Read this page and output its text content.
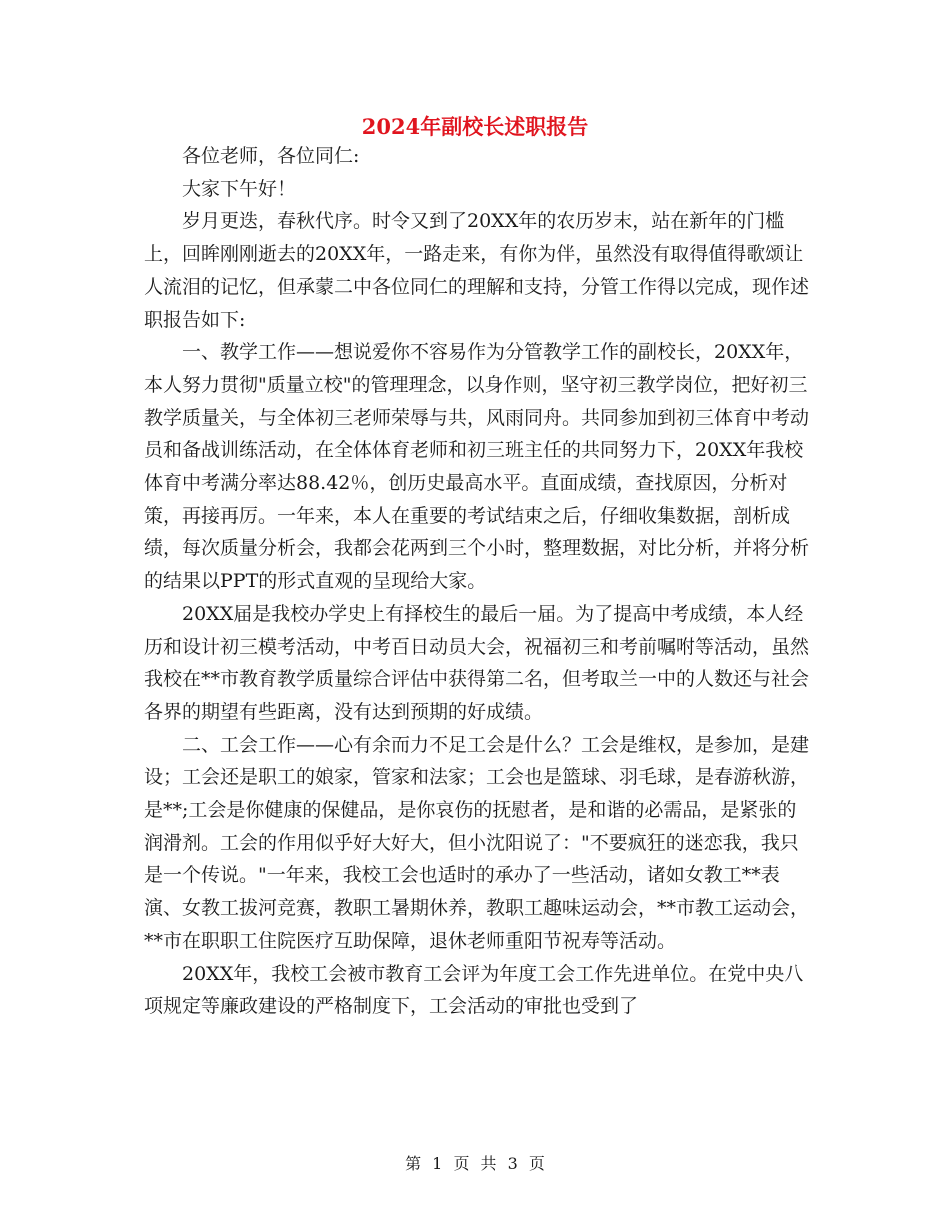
2024年副校长述职报告

各位老师，各位同仁:

大家下午好！

岁月更迭，春秋代序。时令又到了20XX年的农历岁末，站在新年的门槛上，回眸刚刚逝去的20XX年，一路走来，有你为伴，虽然没有取得值得歌颂让人流泪的记忆，但承蒙二中各位同仁的理解和支持，分管工作得以完成，现作述职报告如下:

一、教学工作——想说爱你不容易作为分管教学工作的副校长，20XX年，本人努力贯彻"质量立校"的管理理念，以身作则，坚守初三教学岗位，把好初三教学质量关，与全体初三老师荣辱与共，风雨同舟。共同参加到初三体育中考动员和备战训练活动，在全体体育老师和初三班主任的共同努力下，20XX年我校体育中考满分率达88.42％，创历史最高水平。直面成绩，查找原因，分析对策，再接再厉。一年来，本人在重要的考试结束之后，仔细收集数据，剖析成绩，每次质量分析会，我都会花两到三个小时，整理数据，对比分析，并将分析的结果以PPT的形式直观的呈现给大家。

20XX届是我校办学史上有择校生的最后一届。为了提高中考成绩，本人经历和设计初三模考活动，中考百日动员大会，祝福初三和考前嘱咐等活动，虽然我校在**市教育教学质量综合评估中获得第二名，但考取兰一中的人数还与社会各界的期望有些距离，没有达到预期的好成绩。

二、工会工作——心有余而力不足工会是什么？工会是维权，是参加，是建设；工会还是职工的娘家，管家和法家；工会也是篮球、羽毛球，是春游秋游，是**;工会是你健康的保健品，是你哀伤的抚慰者，是和谐的必需品，是紧张的润滑剂。工会的作用似乎好大好大，但小沈阳说了："不要疯狂的迷恋我，我只是一个传说。"一年来，我校工会也适时的承办了一些活动，诸如女教工**表演、女教工拔河竞赛，教职工暑期休养，教职工趣味运动会，**市教工运动会，**市在职职工住院医疗互助保障，退休老师重阳节祝寿等活动。

20XX年，我校工会被市教育工会评为年度工会工作先进单位。在党中央八项规定等廉政建设的严格制度下，工会活动的审批也受到了

第 1 页 共 3 页
